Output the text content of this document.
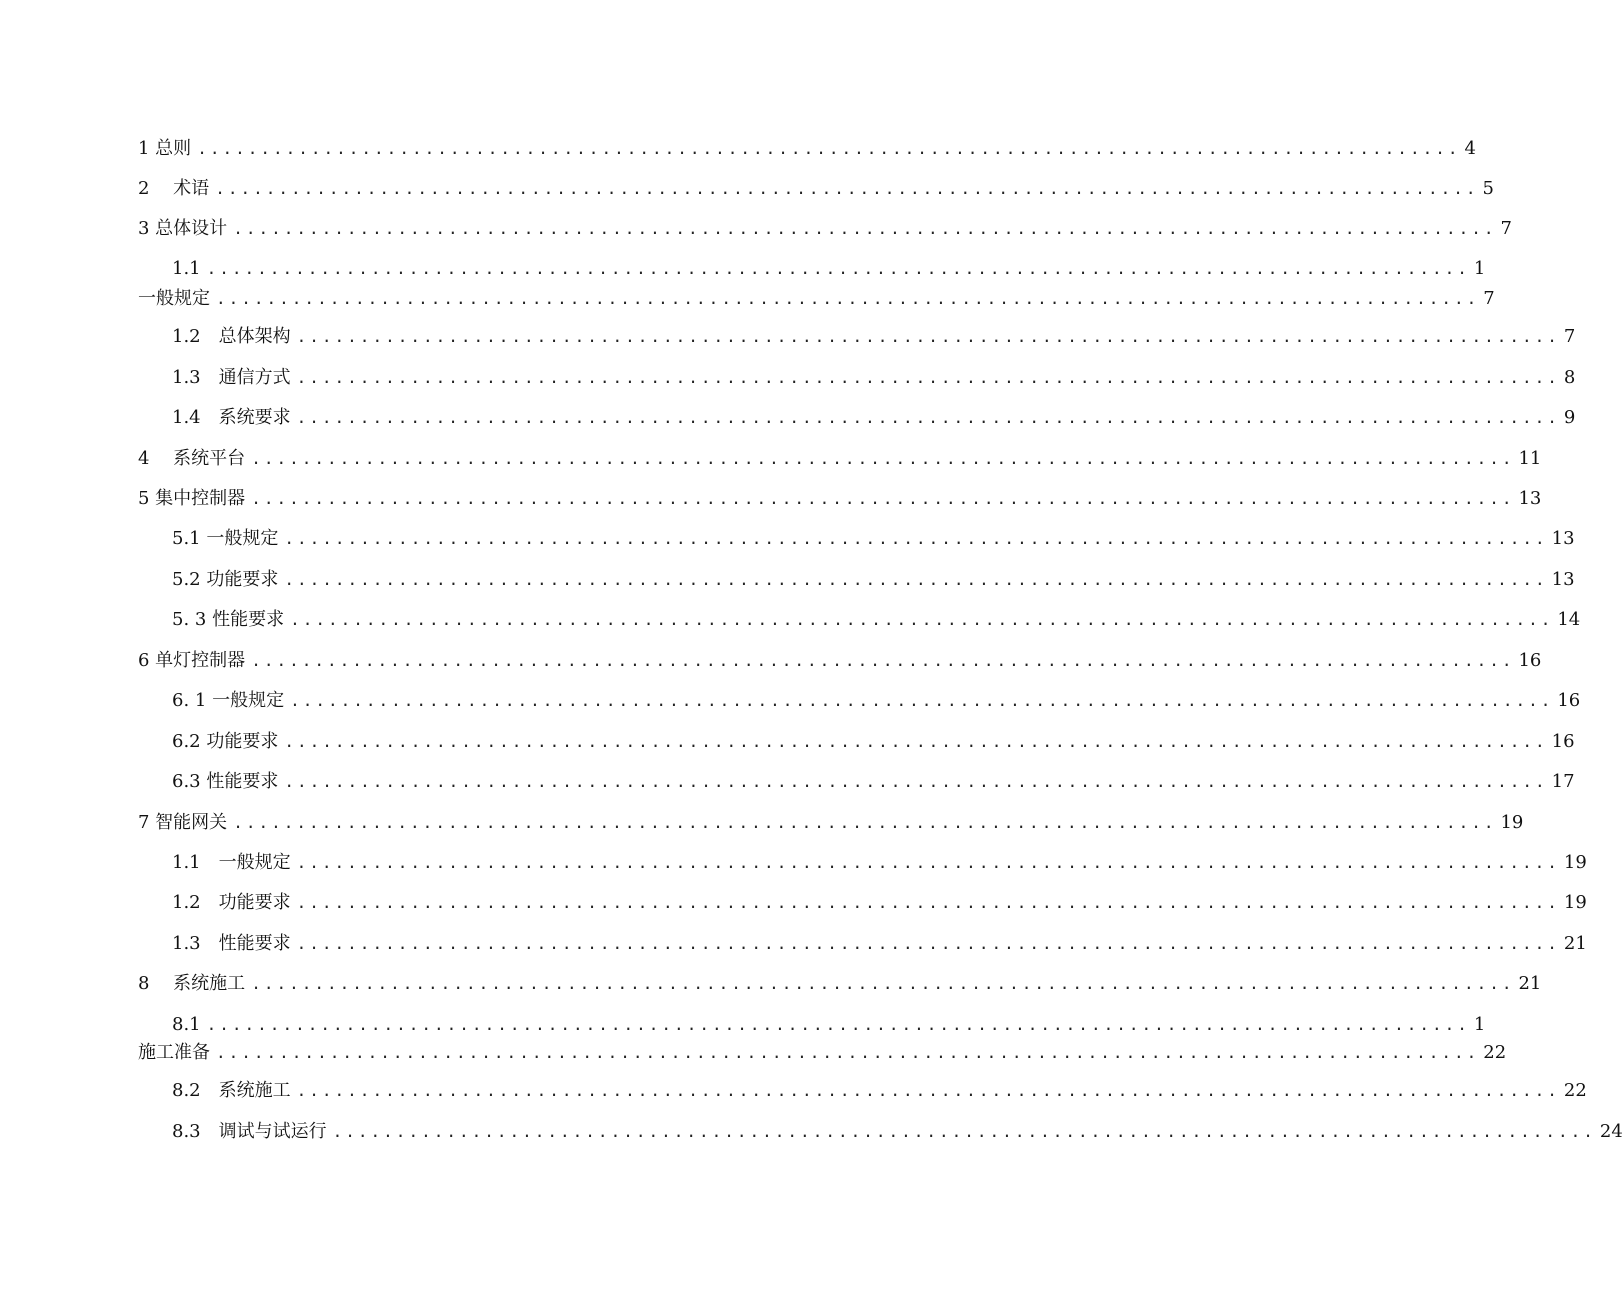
1 总则 .................................................................................................... 4
2　 术语 .................................................................................................... 5
3 总体设计 .................................................................................................... 7
1.1 .................................................................................................... 1
一般规定 .................................................................................................... 7
1.2　总体架构 .................................................................................................... 7
1.3　通信方式 .................................................................................................... 8
1.4　系统要求 .................................................................................................... 9
4　 系统平台 .................................................................................................... 11
5 集中控制器 .................................................................................................... 13
5.1 一般规定 .................................................................................................... 13
5.2 功能要求 .................................................................................................... 13
5. 3 性能要求 .................................................................................................... 14
6 单灯控制器 .................................................................................................... 16
6. 1 一般规定 .................................................................................................... 16
6.2 功能要求 .................................................................................................... 16
6.3 性能要求 .................................................................................................... 17
7 智能网关 .................................................................................................... 19
1.1　一般规定 .................................................................................................... 19
1.2　功能要求 .................................................................................................... 19
1.3　性能要求 .................................................................................................... 21
8　 系统施工 .................................................................................................... 21
8.1 .................................................................................................... 1
施工准备 .................................................................................................... 22
8.2　系统施工 .................................................................................................... 22
8.3　调试与试运行 .................................................................................................... 24
